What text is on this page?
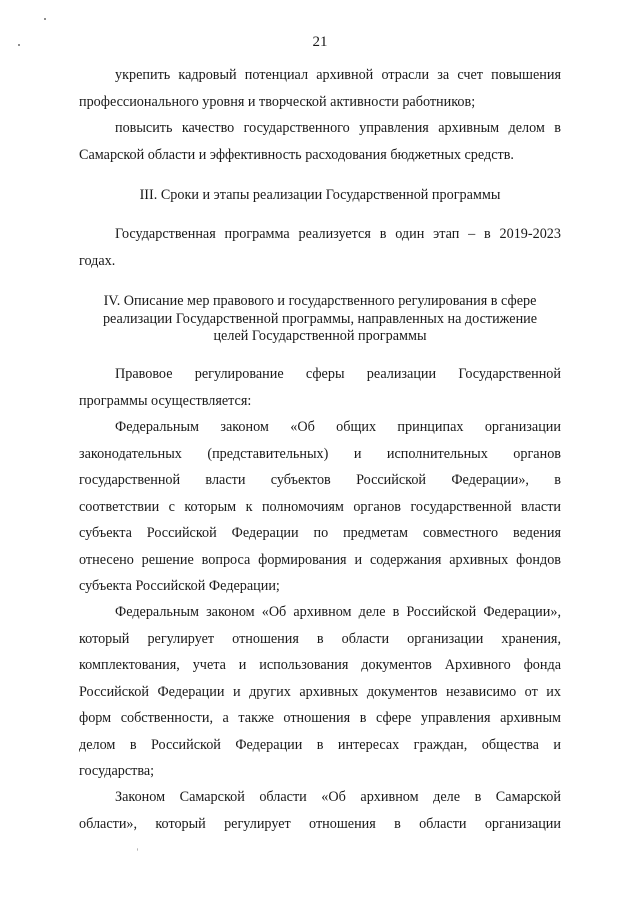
21
укрепить кадровый потенциал архивной отрасли за счет повышения
профессионального уровня и творческой активности работников;
повысить качество государственного управления архивным делом в
Самарской области и эффективность расходования бюджетных средств.
III. Сроки и этапы реализации Государственной программы
Государственная программа реализуется в один этап – в 2019-2023
годах.
IV. Описание мер правового и государственного регулирования в сфере
реализации Государственной программы, направленных на достижение
целей Государственной программы
Правовое регулирование сферы реализации Государственной
программы осуществляется:
Федеральным законом «Об общих принципах организации
законодательных (представительных) и исполнительных органов
государственной власти субъектов Российской Федерации», в
соответствии с которым к полномочиям органов государственной власти
субъекта Российской Федерации по предметам совместного ведения
отнесено решение вопроса формирования и содержания архивных фондов
субъекта Российской Федерации;
Федеральным законом «Об архивном деле в Российской Федерации»,
который регулирует отношения в области организации хранения,
комплектования, учета и использования документов Архивного фонда
Российской Федерации и других архивных документов независимо от их
форм собственности, а также отношения в сфере управления архивным
делом в Российской Федерации в интересах граждан, общества и
государства;
Законом Самарской области «Об архивном деле в Самарской
области», который регулирует отношения в области организации
